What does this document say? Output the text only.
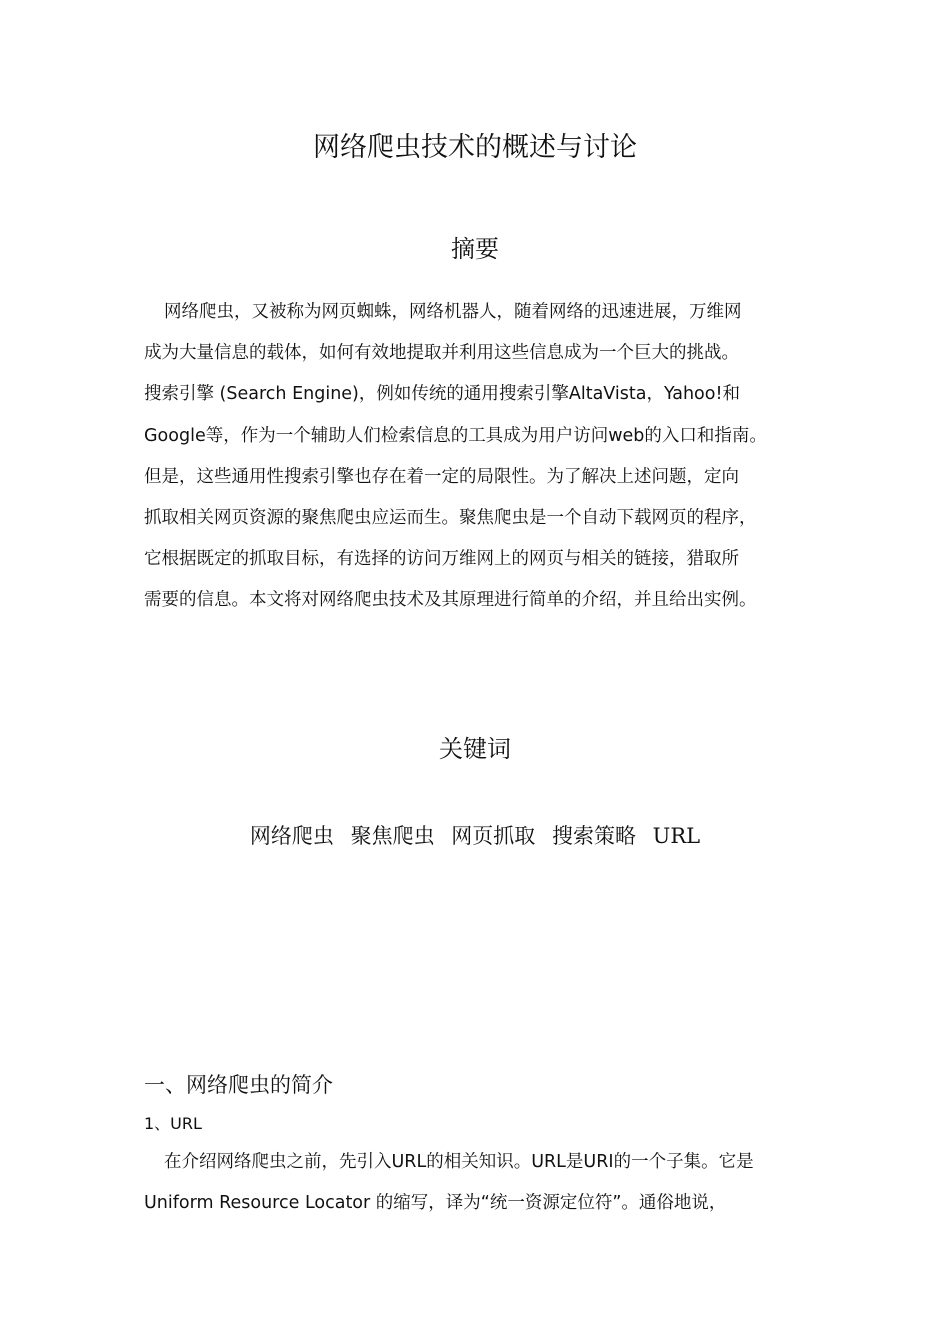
网络爬虫技术的概述与讨论
摘要
网络爬虫，又被称为网页蜘蛛，网络机器人，随着网络的迅速进展，万维网
成为大量信息的载体，如何有效地提取并利用这些信息成为一个巨大的挑战。
搜索引擎 (Search Engine)，例如传统的通用搜索引擎AltaVista，Yahoo!和
Google等，作为一个辅助人们检索信息的工具成为用户访问web的入口和指南。
但是，这些通用性搜索引擎也存在着一定的局限性。为了解决上述问题，定向
抓取相关网页资源的聚焦爬虫应运而生。聚焦爬虫是一个自动下载网页的程序，
它根据既定的抓取目标，有选择的访问万维网上的网页与相关的链接，猎取所
需要的信息。本文将对网络爬虫技术及其原理进行简单的介绍，并且给出实例。
关键词
网络爬虫 聚焦爬虫 网页抓取 搜索策略 URL
一、网络爬虫的简介
1、URL
在介绍网络爬虫之前，先引入URL的相关知识。URL是URI的一个子集。它是
Uniform Resource Locator 的缩写，译为“统一资源定位符”。通俗地说，
